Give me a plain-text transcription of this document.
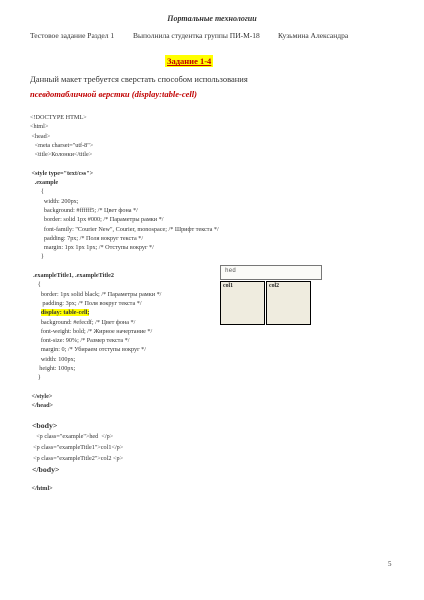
Портальные технологии
Тестовое задание Раздел 1	Выполнила студентка группы ПИ-М-18 Кузьмина Александра
Задание 1-4
Данный макет требуется сверстать способом использования
псевдотабличной верстки (display:table-cell)
<!DOCTYPE HTML>
<html>
<head>
<meta charset="utf-8">
<title>Колонки</title>
<style type="text/css">
.example
{
width: 200px;
background: #ffffff5; /* Цвет фона */
border: solid 1px #000; /* Параметры рамки */
font-family: "Courier New", Courier, monospace; /* Шрифт текста */
padding: 7px; /* Поля вокруг текста */
margin: 1px 1px 1px; /* Отступы вокруг */
}
.exampleTitle1, .exampleTitle2
{
border: 1px solid black; /* Параметры рамки */
padding: 3px; /* Поля вокруг текста */
display: table-cell;
background: #efecdf; /* Цвет фона */
font-weight: bold; /* Жирное начертание */
font-size: 90%; /* Размер текста */
margin: 0; /* Убираем отступы вокруг */
width: 100px;
height: 100px;
}
</style>
</head>
<body>
<p class="example">hed  </p>
<p class="exampleTitle1">col1</p>
<p class="exampleTitle2">col2 <p>
</body>
</html>
hed
col1	col2
5
